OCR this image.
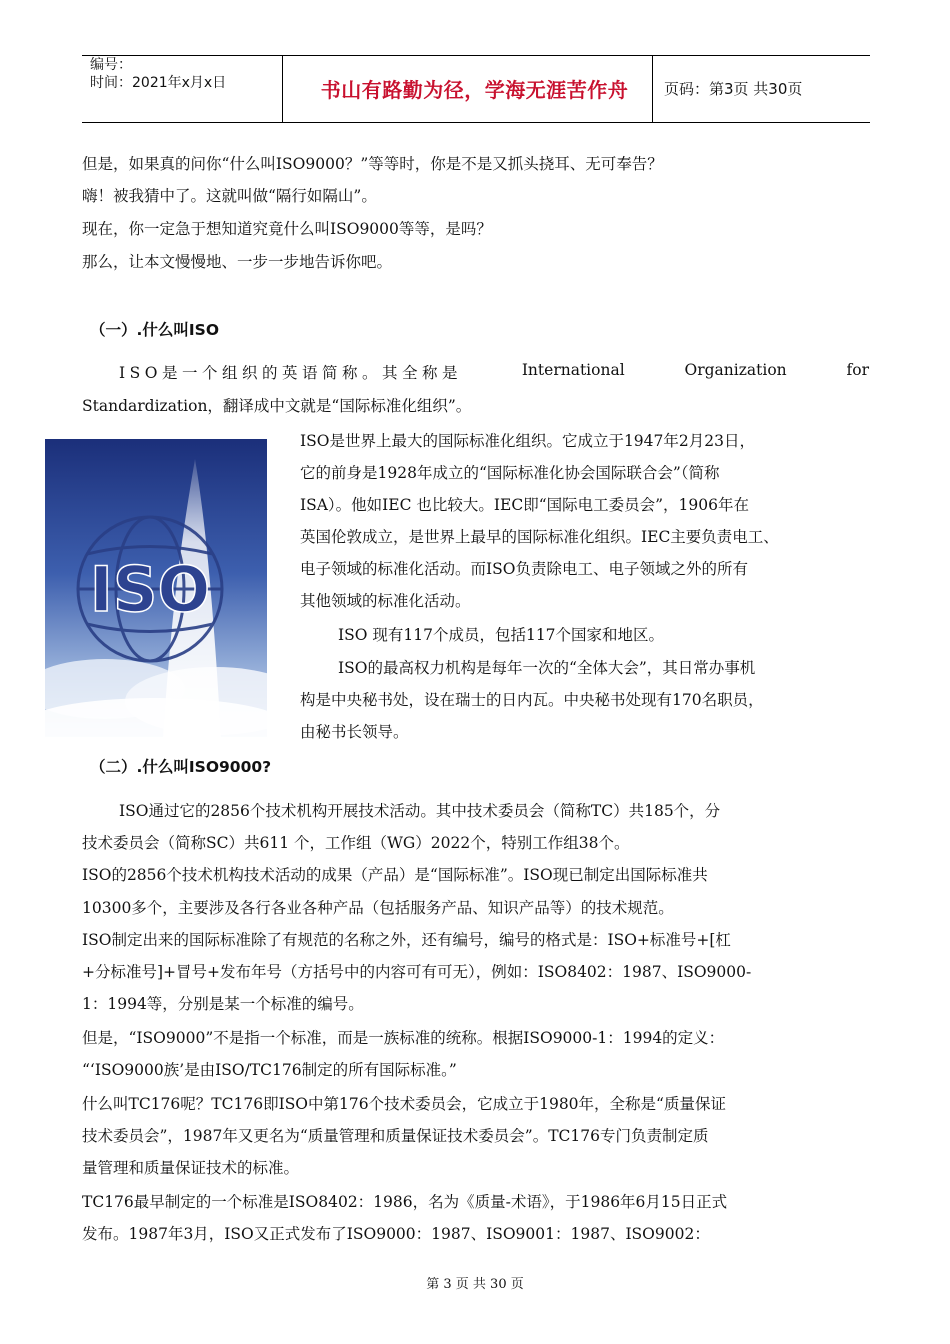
编号：
时间：2021年x月x日	书山有路勤为径，学海无涯苦作舟	页码：第3页 共30页
但是，如果真的问你“什么叫ISO9000？”等等时，你是不是又抓头挠耳、无可奉告？
嗨！被我猜中了。这就叫做“隔行如隔山”。
现在，你一定急于想知道究竟什么叫ISO9000等等，是吗？
那么，让本文慢慢地、一步一步地告诉你吧。
（一）.什么叫ISO
ISO是一个组织的英语简称。其全称是	International	Organization	for
Standardization，翻译成中文就是“国际标准化组织”。
ISO
ISO是世界上最大的国际标准化组织。它成立于1947年2月23日，
它的前身是1928年成立的“国际标准化协会国际联合会”（简称
ISA）。他如IEC 也比较大。IEC即“国际电工委员会”，1906年在
英国伦敦成立，是世界上最早的国际标准化组织。IEC主要负责电工、
电子领域的标准化活动。而ISO负责除电工、电子领域之外的所有
其他领域的标准化活动。
ISO 现有117个成员，包括117个国家和地区。
ISO的最高权力机构是每年一次的“全体大会”，其日常办事机
构是中央秘书处，设在瑞士的日内瓦。中央秘书处现有170名职员，
由秘书长领导。
（二）.什么叫ISO9000?
ISO通过它的2856个技术机构开展技术活动。其中技术委员会（简称TC）共185个，分
技术委员会（简称SC）共611 个，工作组（WG）2022个，特别工作组38个。
ISO的2856个技术机构技术活动的成果（产品）是“国际标准”。ISO现已制定出国际标准共
10300多个，主要涉及各行各业各种产品（包括服务产品、知识产品等）的技术规范。
ISO制定出来的国际标准除了有规范的名称之外，还有编号，编号的格式是：ISO+标准号+[杠
+分标准号]+冒号+发布年号（方括号中的内容可有可无），例如：ISO8402：1987、ISO9000-
1：1994等，分别是某一个标准的编号。
但是，“ISO9000”不是指一个标准，而是一族标准的统称。根据ISO9000-1：1994的定义：
“‘ISO9000族’是由ISO/TC176制定的所有国际标准。”
什么叫TC176呢？TC176即ISO中第176个技术委员会，它成立于1980年，全称是“质量保证
技术委员会”，1987年又更名为“质量管理和质量保证技术委员会”。TC176专门负责制定质
量管理和质量保证技术的标准。
TC176最早制定的一个标准是ISO8402：1986，名为《质量-术语》，于1986年6月15日正式
发布。1987年3月，ISO又正式发布了ISO9000：1987、ISO9001：1987、ISO9002：
第 3 页 共 30 页
